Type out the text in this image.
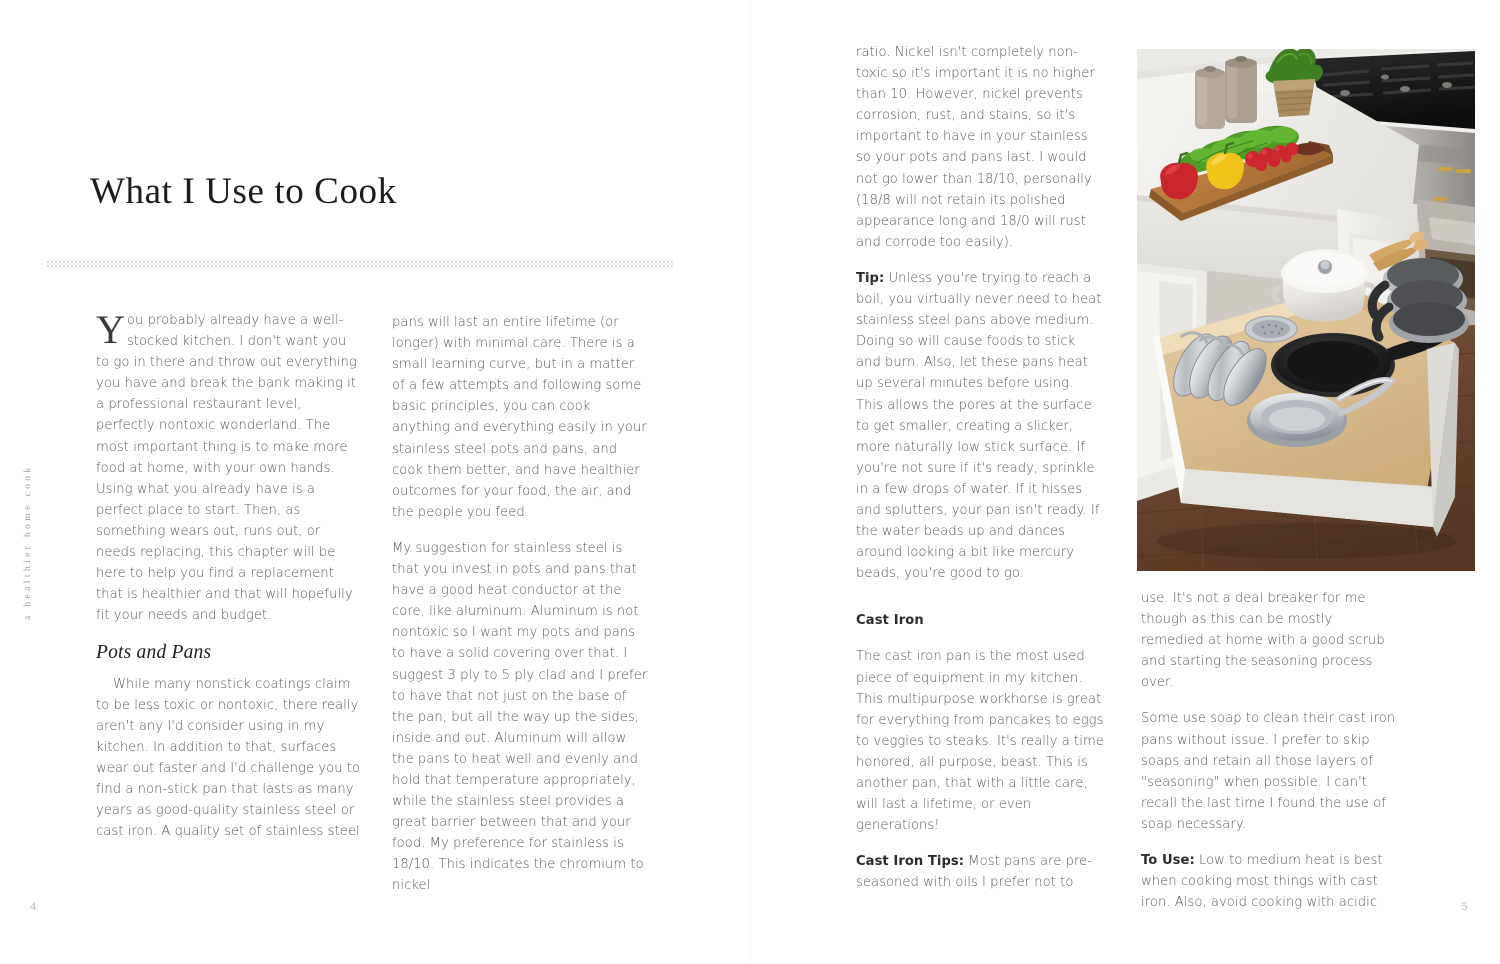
a healthier home cook
What I Use to Cook

You probably already have a well-stocked kitchen. I don't want you to go in there and throw out everything you have and break the bank making it a professional restaurant level, perfectly nontoxic wonderland. The most important thing is to make more food at home, with your own hands. Using what you already have is a perfect place to start. Then, as something wears out, runs out, or needs replacing, this chapter will be here to help you find a replacement that is healthier and that will hopefully fit your needs and budget.

Pots and Pans

While many nonstick coatings claim to be less toxic or nontoxic, there really aren't any I'd consider using in my kitchen. In addition to that, surfaces wear out faster and I'd challenge you to find a non-stick pan that lasts as many years as good-quality stainless steel or cast iron. A quality set of stainless steel

pans will last an entire lifetime (or longer) with minimal care. There is a small learning curve, but in a matter of a few attempts and following some basic principles, you can cook anything and everything easily in your stainless steel pots and pans, and cook them better, and have healthier outcomes for your food, the air, and the people you feed.

My suggestion for stainless steel is that you invest in pots and pans that have a good heat conductor at the core, like aluminum. Aluminum is not nontoxic so I want my pots and pans to have a solid covering over that. I suggest 3 ply to 5 ply clad and I prefer to have that not just on the base of the pan, but all the way up the sides, inside and out. Aluminum will allow the pans to heat well and evenly and hold that temperature appropriately, while the stainless steel provides a great barrier between that and your food. My preference for stainless is 18/10. This indicates the chromium to nickel

ratio. Nickel isn't completely non-toxic so it's important it is no higher than 10. However, nickel prevents corrosion, rust, and stains, so it's important to have in your stainless so your pots and pans last. I would not go lower than 18/10, personally (18/8 will not retain its polished appearance long and 18/0 will rust and corrode too easily).

Tip: Unless you're trying to reach a boil, you virtually never need to heat stainless steel pans above medium. Doing so will cause foods to stick and burn. Also, let these pans heat up several minutes before using. This allows the pores at the surface to get smaller, creating a slicker, more naturally low stick surface. If you're not sure if it's ready, sprinkle in a few drops of water. If it hisses and splutters, your pan isn't ready. If the water beads up and dances around looking a bit like mercury beads, you're good to go.

Cast Iron

The cast iron pan is the most used piece of equipment in my kitchen. This multipurpose workhorse is great for everything from pancakes to eggs to veggies to steaks. It's really a time honored, all purpose, beast. This is another pan, that with a little care, will last a lifetime, or even generations!

Cast Iron Tips: Most pans are pre-seasoned with oils I prefer not to

use. It's not a deal breaker for me though as this can be mostly remedied at home with a good scrub and starting the seasoning process over.

Some use soap to clean their cast iron pans without issue. I prefer to skip soaps and retain all those layers of "seasoning" when possible. I can't recall the last time I found the use of soap necessary.

To Use: Low to medium heat is best when cooking most things with cast iron. Also, avoid cooking with acidic

4	5
